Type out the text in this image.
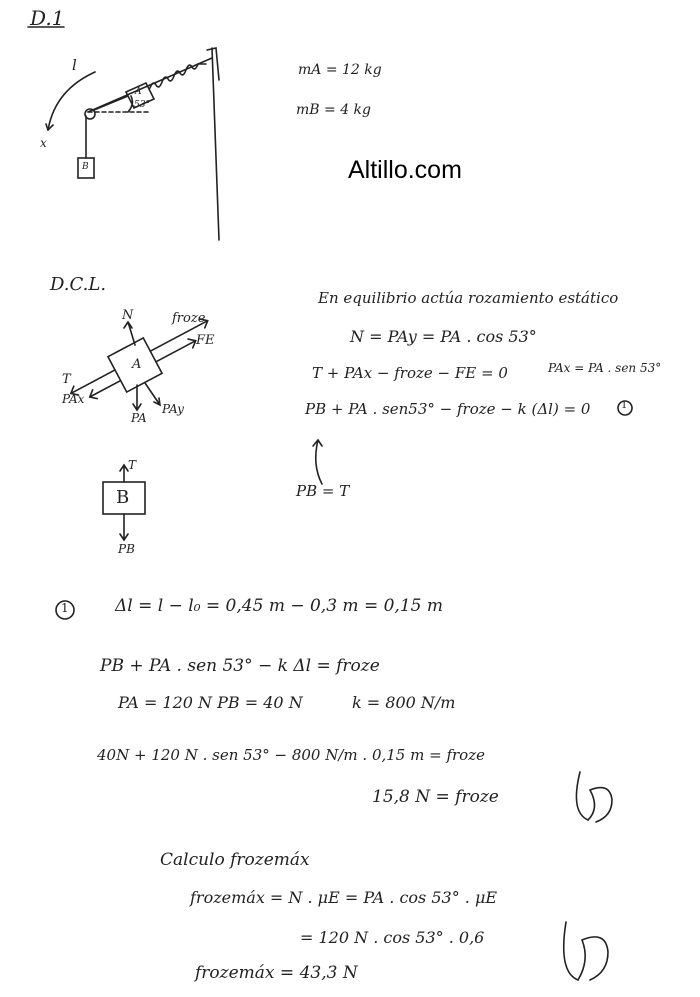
D.1
Altillo.com
D.C.L.
l
x
A
B
53°
mA = 12 kg
mB = 4 kg
N	froze
FE
T
PAx
A
PA
PAy
T
B
PB
En equilibrio actúa rozamiento estático
N = PAy = PA . cos 53°
T + PAx − froze − FE = 0	PAx = PA . sen 53°
PB + PA . sen53° − froze − k (Δl) = 0	1
PB = T
1	Δl = l − l₀ = 0,45 m − 0,3 m = 0,15 m
PB + PA . sen 53° − k Δl = froze
PA = 120 N PB = 40 N	k = 800 N/m
40N + 120 N . sen 53° − 800 N/m . 0,15 m = froze
15,8 N = froze
Calculo frozemáx
frozemáx = N . μE = PA . cos 53° . μE
= 120 N . cos 53° . 0,6
frozemáx = 43,3 N
